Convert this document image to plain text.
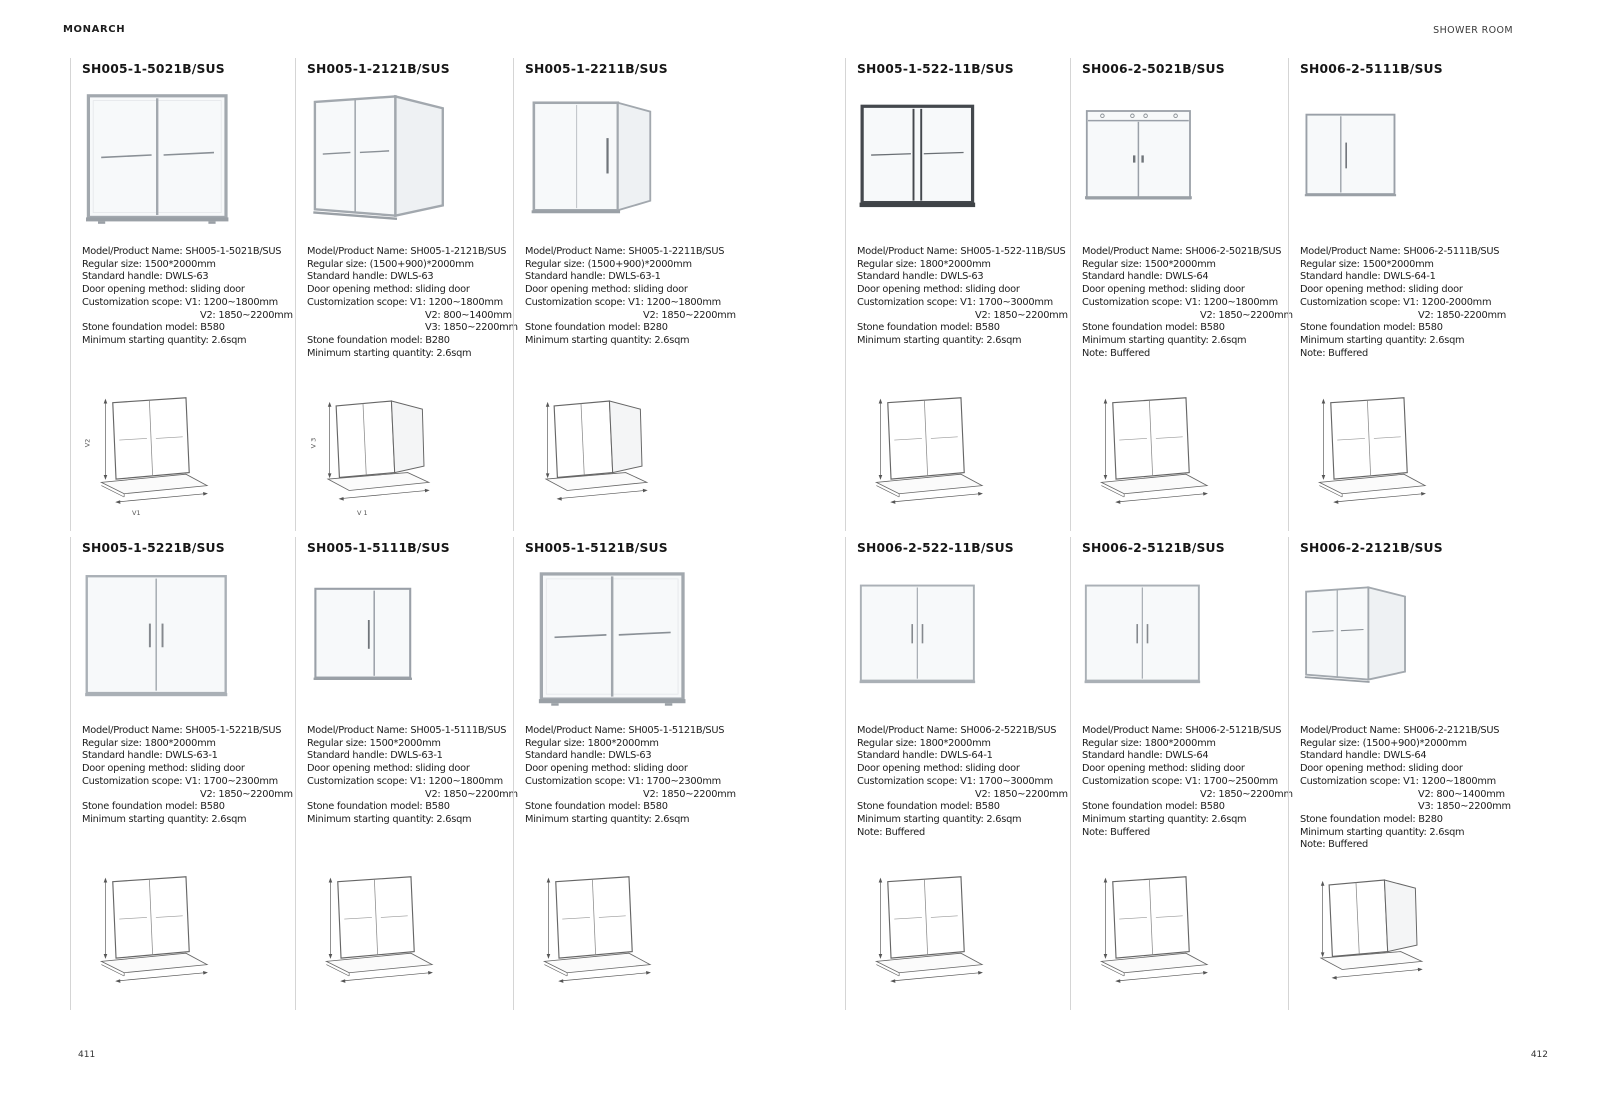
MONARCH	SHOWER ROOM
SH005-1-5021B/SUS
Model/Product Name: SH005-1-5021B/SUS
Regular size: 1500*2000mm
Standard handle: DWLS-63
Door opening method: sliding door
Customization scope: V1: 1200~1800mm
V2: 1850~2200mm
Stone foundation model: B580
Minimum starting quantity: 2.6sqm
V2
V1
SH005-1-2121B/SUS
Model/Product Name: SH005-1-2121B/SUS
Regular size: (1500+900)*2000mm
Standard handle: DWLS-63
Door opening method: sliding door
Customization scope: V1: 1200~1800mm
V2: 800~1400mm
V3: 1850~2200mm
Stone foundation model: B280
Minimum starting quantity: 2.6sqm
V 3
V 1
SH005-1-2211B/SUS
Model/Product Name: SH005-1-2211B/SUS
Regular size: (1500+900)*2000mm
Standard handle: DWLS-63-1
Door opening method: sliding door
Customization scope: V1: 1200~1800mm
V2: 1850~2200mm
Stone foundation model: B280
Minimum starting quantity: 2.6sqm
SH005-1-5221B/SUS
Model/Product Name: SH005-1-5221B/SUS
Regular size: 1800*2000mm
Standard handle: DWLS-63-1
Door opening method: sliding door
Customization scope: V1: 1700~2300mm
V2: 1850~2200mm
Stone foundation model: B580
Minimum starting quantity: 2.6sqm
SH005-1-5111B/SUS
Model/Product Name: SH005-1-5111B/SUS
Regular size: 1500*2000mm
Standard handle: DWLS-63-1
Door opening method: sliding door
Customization scope: V1: 1200~1800mm
V2: 1850~2200mm
Stone foundation model: B580
Minimum starting quantity: 2.6sqm
SH005-1-5121B/SUS
Model/Product Name: SH005-1-5121B/SUS
Regular size: 1800*2000mm
Standard handle: DWLS-63
Door opening method: sliding door
Customization scope: V1: 1700~2300mm
V2: 1850~2200mm
Stone foundation model: B580
Minimum starting quantity: 2.6sqm
SH005-1-522-11B/SUS
Model/Product Name: SH005-1-522-11B/SUS
Regular size: 1800*2000mm
Standard handle: DWLS-63
Door opening method: sliding door
Customization scope: V1: 1700~3000mm
V2: 1850~2200mm
Stone foundation model: B580
Minimum starting quantity: 2.6sqm
SH006-2-5021B/SUS
Model/Product Name: SH006-2-5021B/SUS
Regular size: 1500*2000mm
Standard handle: DWLS-64
Door opening method: sliding door
Customization scope: V1: 1200~1800mm
V2: 1850~2200mm
Stone foundation model: B580
Minimum starting quantity: 2.6sqm
Note: Buffered
SH006-2-5111B/SUS
Model/Product Name: SH006-2-5111B/SUS
Regular size: 1500*2000mm
Standard handle: DWLS-64-1
Door opening method: sliding door
Customization scope: V1: 1200-2000mm
V2: 1850-2200mm
Stone foundation model: B580
Minimum starting quantity: 2.6sqm
Note: Buffered
SH006-2-522-11B/SUS
Model/Product Name: SH006-2-5221B/SUS
Regular size: 1800*2000mm
Standard handle: DWLS-64-1
Door opening method: sliding door
Customization scope: V1: 1700~3000mm
V2: 1850~2200mm
Stone foundation model: B580
Minimum starting quantity: 2.6sqm
Note: Buffered
SH006-2-5121B/SUS
Model/Product Name: SH006-2-5121B/SUS
Regular size: 1800*2000mm
Standard handle: DWLS-64
Door opening method: sliding door
Customization scope: V1: 1700~2500mm
V2: 1850~2200mm
Stone foundation model: B580
Minimum starting quantity: 2.6sqm
Note: Buffered
SH006-2-2121B/SUS
Model/Product Name: SH006-2-2121B/SUS
Regular size: (1500+900)*2000mm
Standard handle: DWLS-64
Door opening method: sliding door
Customization scope: V1: 1200~1800mm
V2: 800~1400mm
V3: 1850~2200mm
Stone foundation model: B280
Minimum starting quantity: 2.6sqm
Note: Buffered
411	412
